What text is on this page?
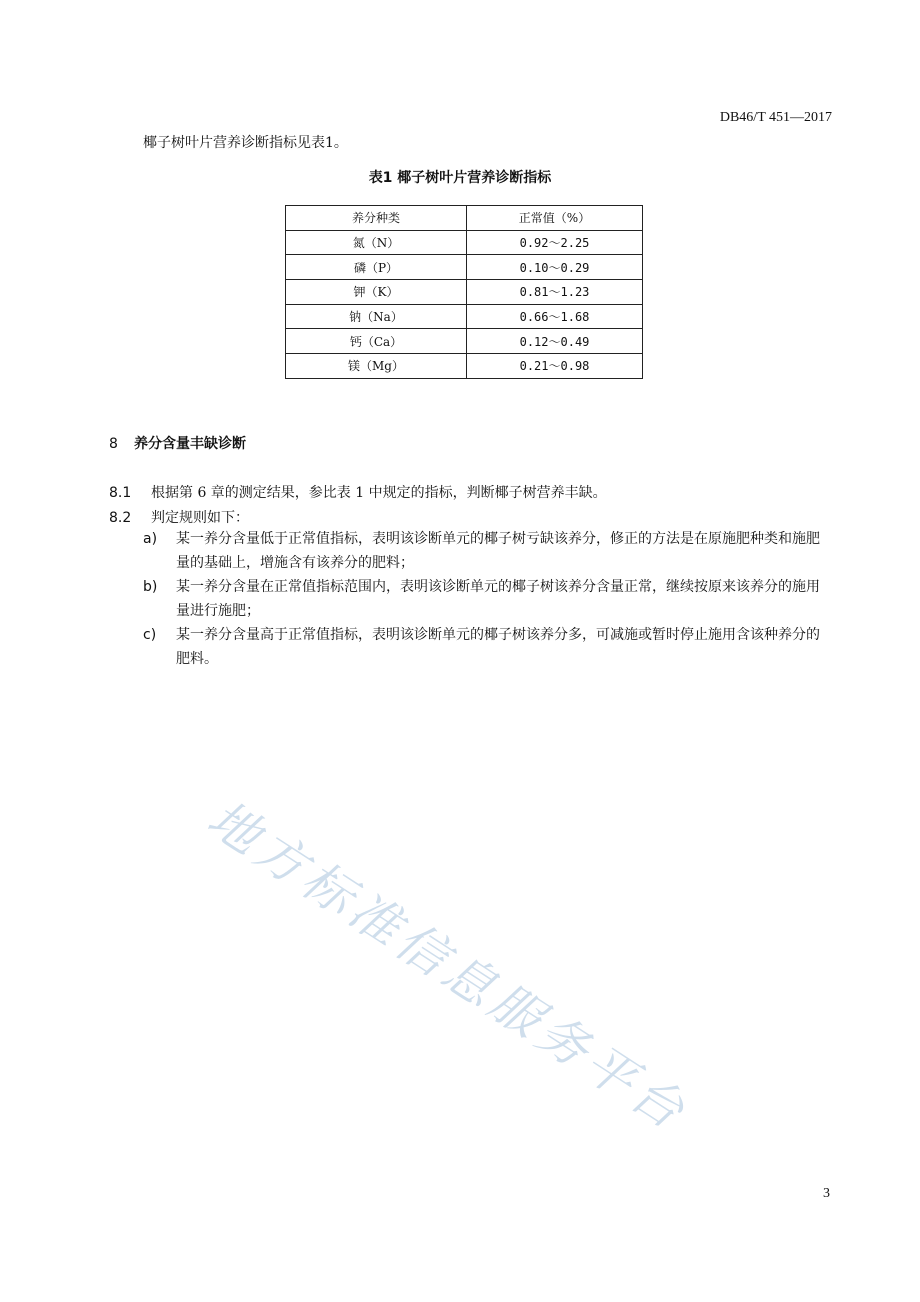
DB46/T 451—2017
椰子树叶片营养诊断指标见表1。
表1 椰子树叶片营养诊断指标
养分种类	正常值（%）
氮（N）	0.92～2.25
磷（P）	0.10～0.29
钾（K）	0.81～1.23
钠（Na）	0.66～1.68
钙（Ca）	0.12～0.49
镁（Mg）	0.21～0.98
8 养分含量丰缺诊断
8.1 根据第 6 章的测定结果，参比表 1 中规定的指标，判断椰子树营养丰缺。
8.2 判定规则如下：
a) 某一养分含量低于正常值指标，表明该诊断单元的椰子树亏缺该养分，修正的方法是在原施肥种类和施肥量的基础上，增施含有该养分的肥料；
b) 某一养分含量在正常值指标范围内，表明该诊断单元的椰子树该养分含量正常，继续按原来该养分的施用量进行施肥；
c) 某一养分含量高于正常值指标，表明该诊断单元的椰子树该养分多，可减施或暂时停止施用含该种养分的肥料。
地方标准信息服务平台
3
